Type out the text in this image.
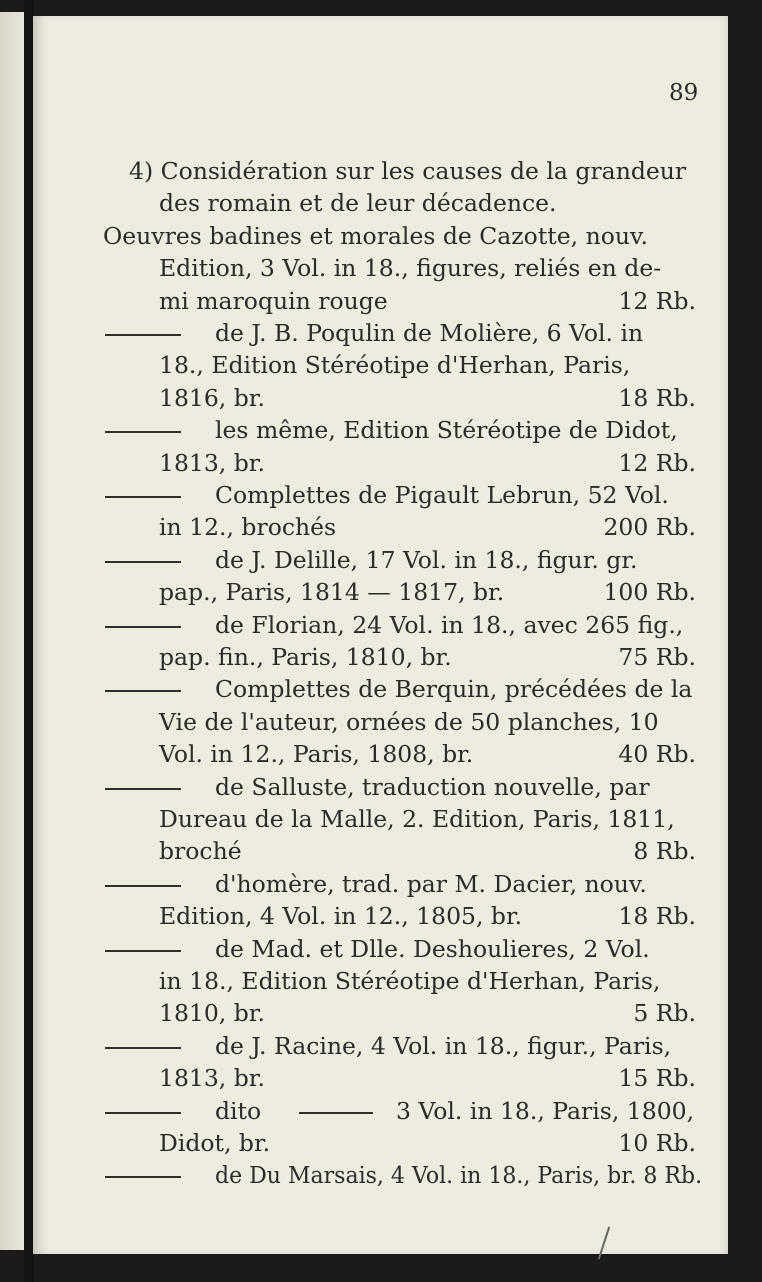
89
4) Considération sur les causes de la grandeur
des romain et de leur décadence.
Oeuvres badines et morales de Cazotte, nouv.
Edition, 3 Vol. in 18., figures, reliés en de-
mi maroquin rouge	12 Rb.
de J. B. Poqulin de Molière, 6 Vol. in
18., Edition Stéréotipe d'Herhan, Paris,
1816, br.	18 Rb.
les même, Edition Stéréotipe de Didot,
1813, br.	12 Rb.
Complettes de Pigault Lebrun, 52 Vol.
in 12., brochés	200 Rb.
de J. Delille, 17 Vol. in 18., figur. gr.
pap., Paris, 1814 — 1817, br.	100 Rb.
de Florian, 24 Vol. in 18., avec 265 fig.,
pap. fin., Paris, 1810, br.	75 Rb.
Complettes de Berquin, précédées de la
Vie de l'auteur, ornées de 50 planches, 10
Vol. in 12., Paris, 1808, br.	40 Rb.
de Salluste, traduction nouvelle, par
Dureau de la Malle, 2. Edition, Paris, 1811,
broché	8 Rb.
d'homère, trad. par M. Dacier, nouv.
Edition, 4 Vol. in 12., 1805, br.	18 Rb.
de Mad. et Dlle. Deshoulieres, 2 Vol.
in 18., Edition Stéréotipe d'Herhan, Paris,
1810, br.	5 Rb.
de J. Racine, 4 Vol. in 18., figur., Paris,
1813, br.	15 Rb.
dito	3 Vol. in 18., Paris, 1800,
Didot, br.	10 Rb.
de Du Marsais, 4 Vol. in 18., Paris, br. 8 Rb.
